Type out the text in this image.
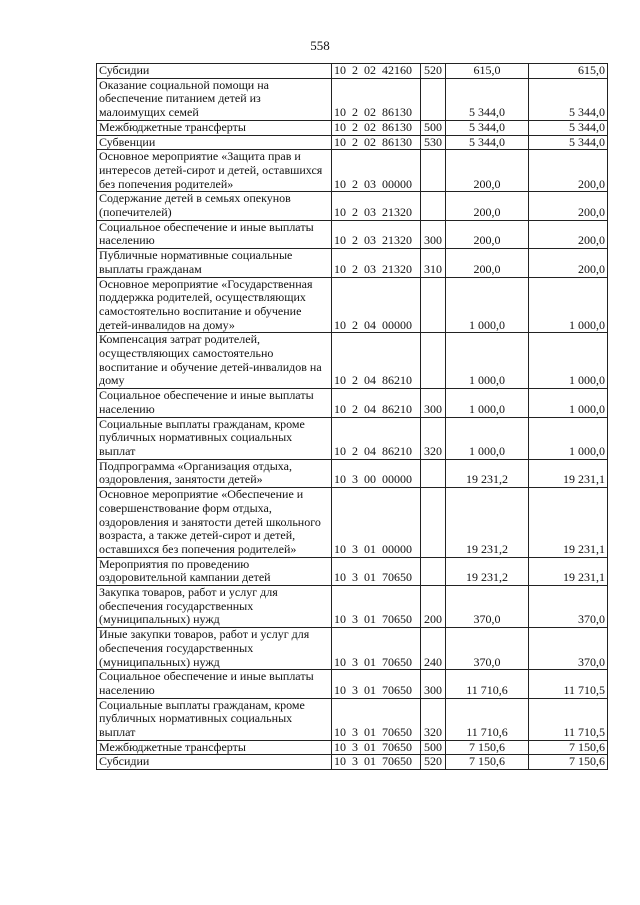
558
Субсидии	10 2 02 42160	520	615,0	615,0
Оказание социальной помощи на обеспечение питанием детей из малоимущих семей	10 2 02 86130		5 344,0	5 344,0
Межбюджетные трансферты	10 2 02 86130	500	5 344,0	5 344,0
Субвенции	10 2 02 86130	530	5 344,0	5 344,0
Основное мероприятие «Защита прав и интересов детей-сирот и детей, оставшихся без попечения родителей»	10 2 03 00000		200,0	200,0
Содержание детей в семьях опекунов (попечителей)	10 2 03 21320		200,0	200,0
Социальное обеспечение и иные выплаты населению	10 2 03 21320	300	200,0	200,0
Публичные нормативные социальные выплаты гражданам	10 2 03 21320	310	200,0	200,0
Основное мероприятие «Государственная поддержка родителей, осуществляющих самостоятельно воспитание и обучение детей-инвалидов на дому»	10 2 04 00000		1 000,0	1 000,0
Компенсация затрат родителей, осуществляющих самостоятельно воспитание и обучение детей-инвалидов на дому	10 2 04 86210		1 000,0	1 000,0
Социальное обеспечение и иные выплаты населению	10 2 04 86210	300	1 000,0	1 000,0
Социальные выплаты гражданам, кроме публичных нормативных социальных выплат	10 2 04 86210	320	1 000,0	1 000,0
Подпрограмма «Организация отдыха, оздоровления, занятости детей»	10 3 00 00000		19 231,2	19 231,1
Основное мероприятие «Обеспечение и совершенствование форм отдыха, оздоровления и занятости детей школьного возраста, а также детей-сирот и детей, оставшихся без попечения родителей»	10 3 01 00000		19 231,2	19 231,1
Мероприятия по проведению оздоровительной кампании детей	10 3 01 70650		19 231,2	19 231,1
Закупка товаров, работ и услуг для обеспечения государственных (муниципальных) нужд	10 3 01 70650	200	370,0	370,0
Иные закупки товаров, работ и услуг для обеспечения государственных (муниципальных) нужд	10 3 01 70650	240	370,0	370,0
Социальное обеспечение и иные выплаты населению	10 3 01 70650	300	11 710,6	11 710,5
Социальные выплаты гражданам, кроме публичных нормативных социальных выплат	10 3 01 70650	320	11 710,6	11 710,5
Межбюджетные трансферты	10 3 01 70650	500	7 150,6	7 150,6
Субсидии	10 3 01 70650	520	7 150,6	7 150,6
